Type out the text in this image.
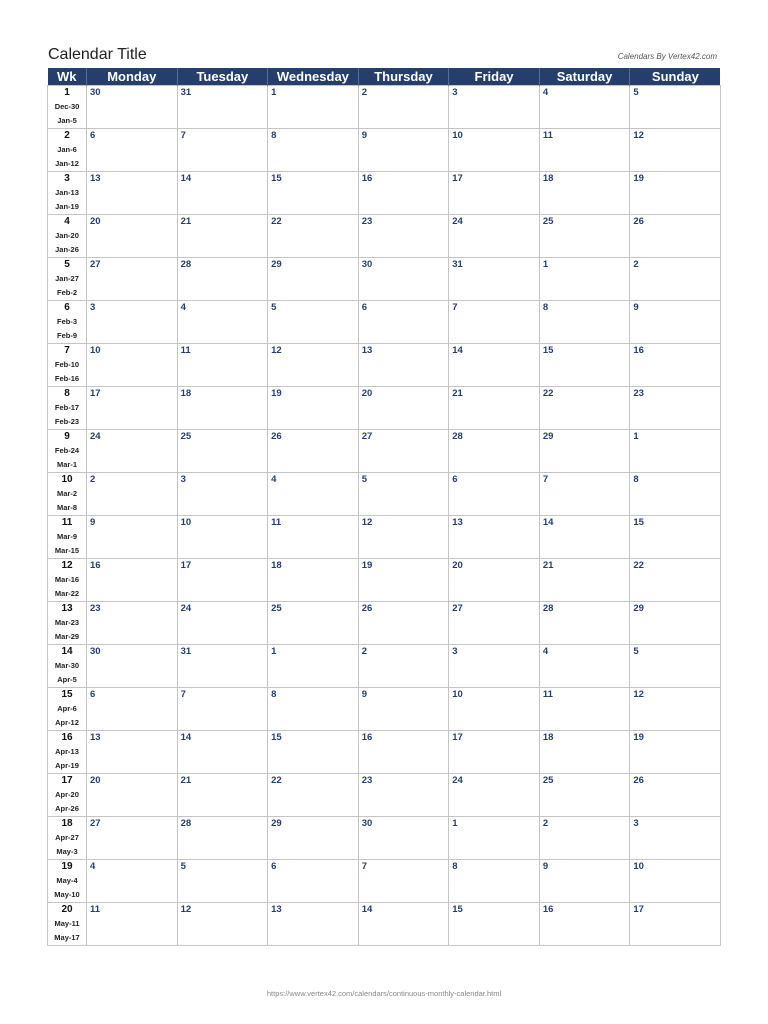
Calendar Title	Calendars By Vertex42.com
Wk	Monday	Tuesday	Wednesday	Thursday	Friday	Saturday	Sunday

1
Dec-30
Jan-5	30	31	1	2	3	4	5

2
Jan-6
Jan-12	6	7	8	9	10	11	12

3
Jan-13
Jan-19	13	14	15	16	17	18	19

4
Jan-20
Jan-26	20	21	22	23	24	25	26

5
Jan-27
Feb-2	27	28	29	30	31	1	2

6
Feb-3
Feb-9	3	4	5	6	7	8	9

7
Feb-10
Feb-16	10	11	12	13	14	15	16

8
Feb-17
Feb-23	17	18	19	20	21	22	23

9
Feb-24
Mar-1	24	25	26	27	28	29	1

10
Mar-2
Mar-8	2	3	4	5	6	7	8

11
Mar-9
Mar-15	9	10	11	12	13	14	15

12
Mar-16
Mar-22	16	17	18	19	20	21	22

13
Mar-23
Mar-29	23	24	25	26	27	28	29

14
Mar-30
Apr-5	30	31	1	2	3	4	5

15
Apr-6
Apr-12	6	7	8	9	10	11	12

16
Apr-13
Apr-19	13	14	15	16	17	18	19

17
Apr-20
Apr-26	20	21	22	23	24	25	26

18
Apr-27
May-3	27	28	29	30	1	2	3

19
May-4
May-10	4	5	6	7	8	9	10

20
May-11
May-17	11	12	13	14	15	16	17
https://www.vertex42.com/calendars/continuous-monthly-calendar.html
